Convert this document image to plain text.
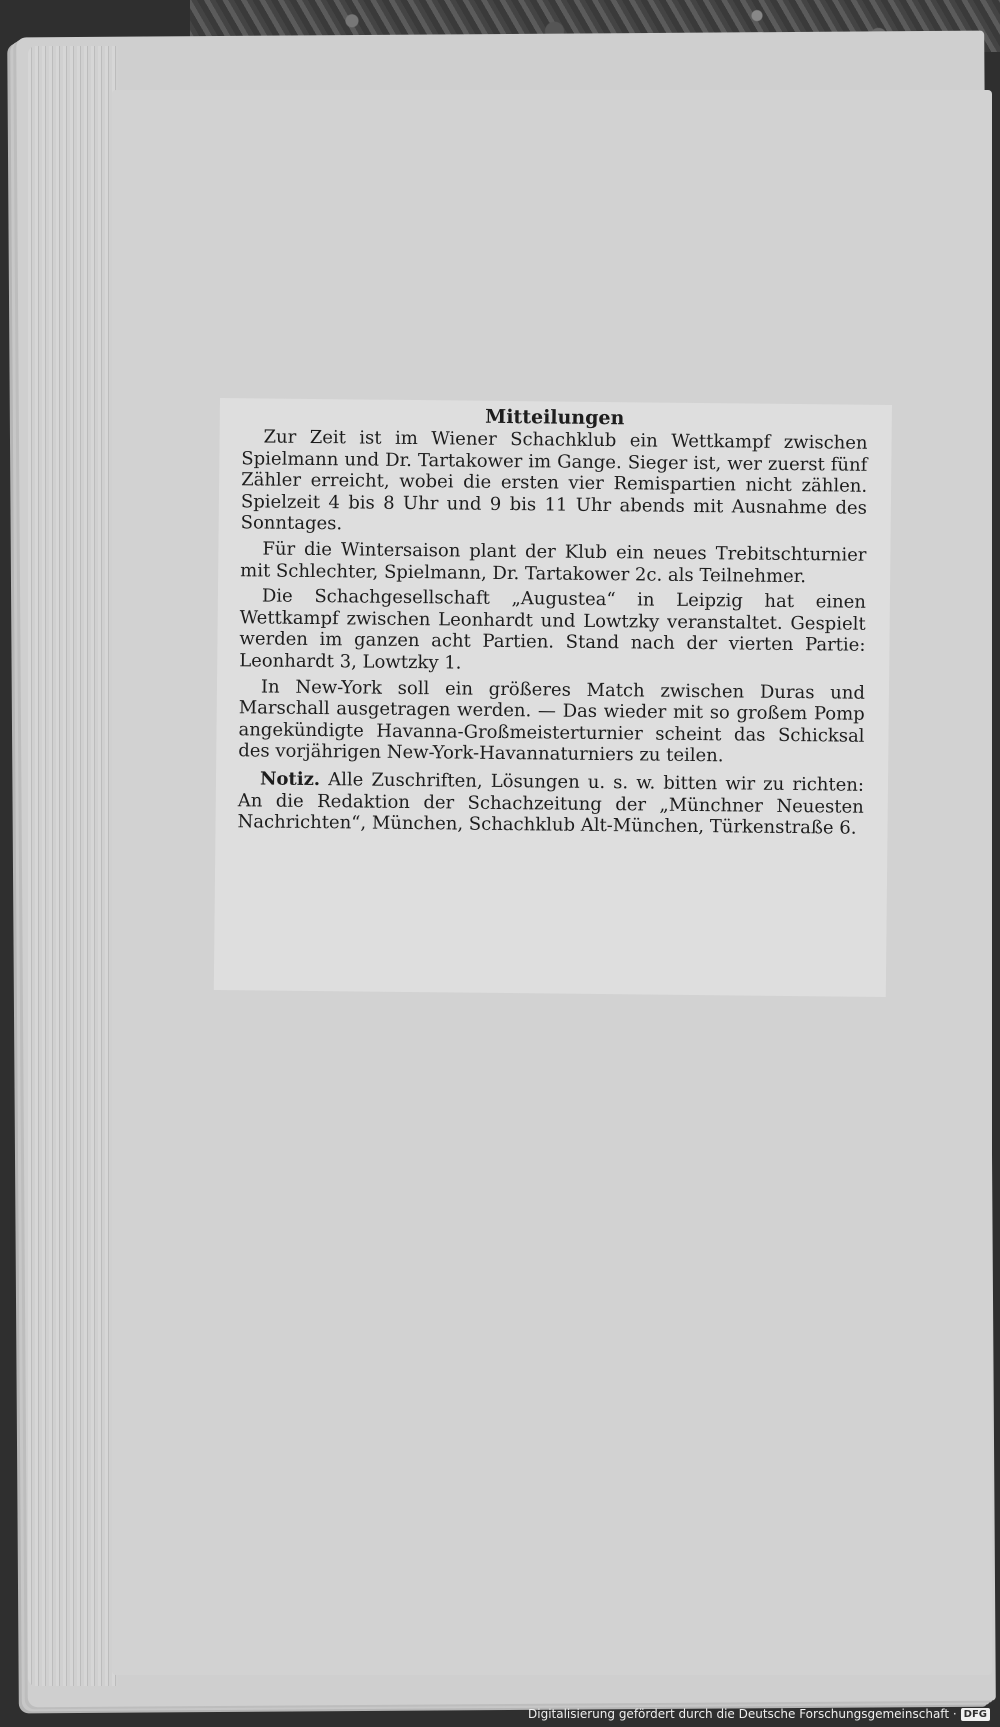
Mitteilungen

Zur Zeit ist im Wiener Schachklub ein Wettkampf zwischen Spielmann und Dr. Tartakower im Gange. Sieger ist, wer zuerst fünf Zähler erreicht, wobei die ersten vier Remispartien nicht zählen. Spielzeit 4 bis 8 Uhr und 9 bis 11 Uhr abends mit Ausnahme des Sonntages.

Für die Wintersaison plant der Klub ein neues Trebitschturnier mit Schlechter, Spielmann, Dr. Tartakower 2c. als Teilnehmer.

Die Schachgesellschaft „Augustea“ in Leipzig hat einen Wettkampf zwischen Leonhardt und Lowtzky veranstaltet. Gespielt werden im ganzen acht Partien. Stand nach der vierten Partie: Leonhardt 3, Lowtzky 1.

In New-York soll ein größeres Match zwischen Duras und Marschall ausgetragen werden. — Das wieder mit so großem Pomp angekündigte Havanna-Großmeisterturnier scheint das Schicksal des vorjährigen New-York-Havannaturniers zu teilen.

Notiz. Alle Zuschriften, Lösungen u. s. w. bitten wir zu richten: An die Redaktion der Schachzeitung der „Münchner Neuesten Nachrichten“, München, Schachklub Alt-München, Türkenstraße 6.

Digitalisierung gefördert durch die Deutsche Forschungsgemeinschaft · DFG
